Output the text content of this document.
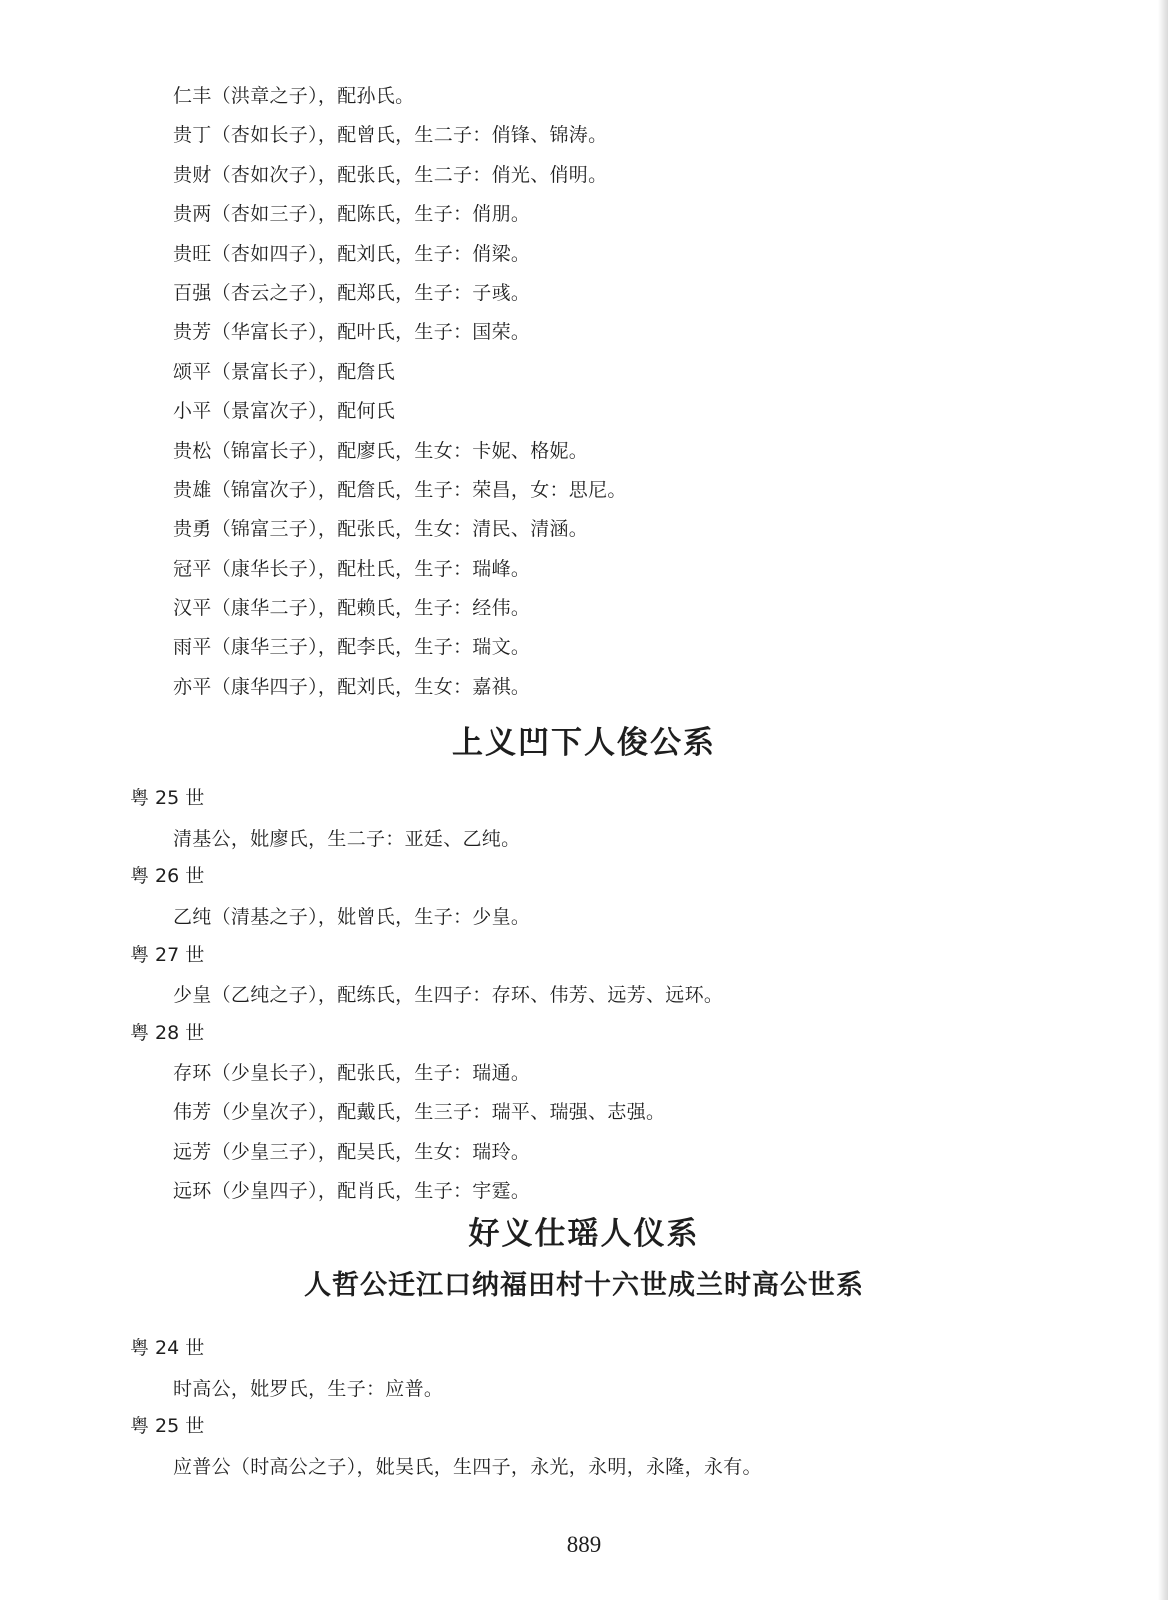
仁丰（洪章之子），配孙氏。
贵丁（杏如长子），配曾氏，生二子：俏锋、锦涛。
贵财（杏如次子），配张氏，生二子：俏光、俏明。
贵两（杏如三子），配陈氏，生子：俏朋。
贵旺（杏如四子），配刘氏，生子：俏梁。
百强（杏云之子），配郑氏，生子：子彧。
贵芳（华富长子），配叶氏，生子：国荣。
颂平（景富长子），配詹氏
小平（景富次子），配何氏
贵松（锦富长子），配廖氏，生女：卡妮、格妮。
贵雄（锦富次子），配詹氏，生子：荣昌，女：思尼。
贵勇（锦富三子），配张氏，生女：清民、清涵。
冠平（康华长子），配杜氏，生子：瑞峰。
汉平（康华二子），配赖氏，生子：经伟。
雨平（康华三子），配李氏，生子：瑞文。
亦平（康华四子），配刘氏，生女：嘉祺。
上义凹下人俊公系
粤 25 世
清基公，妣廖氏，生二子：亚廷、乙纯。
粤 26 世
乙纯（清基之子），妣曾氏，生子：少皇。
粤 27 世
少皇（乙纯之子），配练氏，生四子：存环、伟芳、远芳、远环。
粤 28 世
存环（少皇长子），配张氏，生子：瑞通。
伟芳（少皇次子），配戴氏，生三子：瑞平、瑞强、志强。
远芳（少皇三子），配吴氏，生女：瑞玲。
远环（少皇四子），配肖氏，生子：宇霆。
好义仕瑶人仪系
人哲公迁江口纳福田村十六世成兰时高公世系
粤 24 世
时高公，妣罗氏，生子：应普。
粤 25 世
应普公（时高公之子），妣吴氏，生四子，永光，永明，永隆，永有。
889
